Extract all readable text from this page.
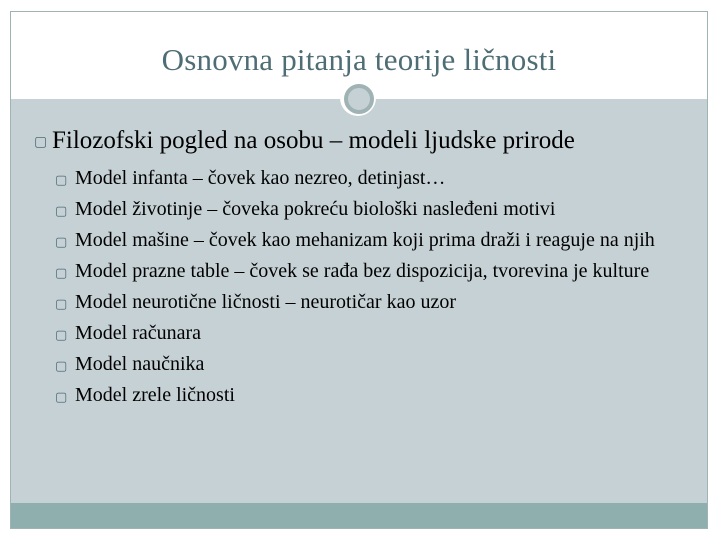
Osnovna pitanja teorije ličnosti
▢ Filozofski pogled na osobu – modeli ljudske prirode
▢ Model infanta – čovek kao nezreo, detinjast…
▢ Model životinje – čoveka pokreću biološki nasleđeni motivi
▢ Model mašine – čovek kao mehanizam koji prima draži i reaguje na njih
▢ Model prazne table – čovek se rađa bez dispozicija, tvorevina je kulture
▢ Model neurotične ličnosti – neurotičar kao uzor
▢ Model računara
▢ Model naučnika
▢ Model zrele ličnosti
